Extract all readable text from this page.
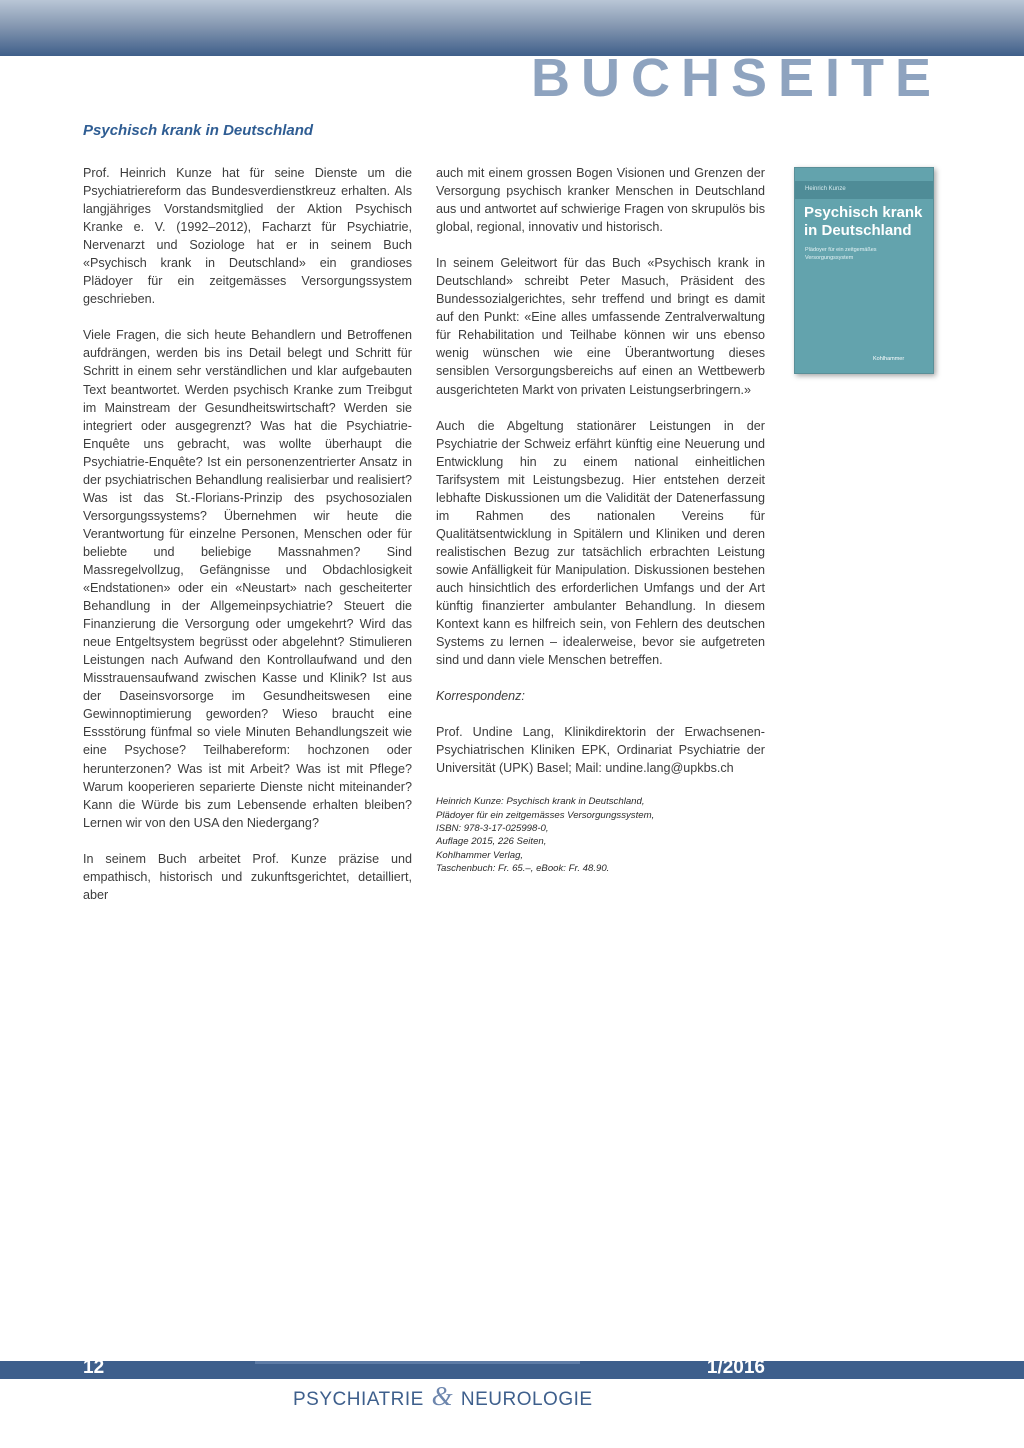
BUCHSEITE
Psychisch krank in Deutschland

Prof. Heinrich Kunze hat für seine Dienste um die Psychiatriereform das Bundesverdienstkreuz erhalten. Als langjähriges Vorstandsmitglied der Aktion Psychisch Kranke e. V. (1992–2012), Facharzt für Psychiatrie, Nervenarzt und Soziologe hat er in seinem Buch «Psychisch krank in Deutschland» ein grandioses Plädoyer für ein zeitgemässes Versorgungssystem geschrieben.

Viele Fragen, die sich heute Behandlern und Betroffenen aufdrängen, werden bis ins Detail belegt und Schritt für Schritt in einem sehr verständlichen und klar aufgebauten Text beantwortet. Werden psychisch Kranke zum Treibgut im Mainstream der Gesundheitswirtschaft? Werden sie integriert oder ausgegrenzt? Was hat die Psychiatrie-Enquête uns gebracht, was wollte überhaupt die Psychiatrie-Enquête? Ist ein personenzentrierter Ansatz in der psychiatrischen Behandlung realisierbar und realisiert? Was ist das St.-Florians-Prinzip des psychosozialen Versorgungssystems? Übernehmen wir heute die Verantwortung für einzelne Personen, Menschen oder für beliebte und beliebige Massnahmen? Sind Massregelvollzug, Gefängnisse und Obdachlosigkeit «Endstationen» oder ein «Neustart» nach gescheiterter Behandlung in der Allgemeinpsychiatrie? Steuert die Finanzierung die Versorgung oder umgekehrt? Wird das neue Entgeltsystem begrüsst oder abgelehnt? Stimulieren Leistungen nach Aufwand den Kontrollaufwand und den Misstrauensaufwand zwischen Kasse und Klinik? Ist aus der Daseinsvorsorge im Gesundheitswesen eine Gewinnoptimierung geworden? Wieso braucht eine Essstörung fünfmal so viele Minuten Behandlungszeit wie eine Psychose? Teilhabereform: hochzonen oder herunterzonen? Was ist mit Arbeit? Was ist mit Pflege? Warum kooperieren separierte Dienste nicht miteinander? Kann die Würde bis zum Lebensende erhalten bleiben? Lernen wir von den USA den Niedergang?

In seinem Buch arbeitet Prof. Kunze präzise und empathisch, historisch und zukunftsgerichtet, detailliert, aber

auch mit einem grossen Bogen Visionen und Grenzen der Versorgung psychisch kranker Menschen in Deutschland aus und antwortet auf schwierige Fragen von skrupulös bis global, regional, innovativ und historisch.

In seinem Geleitwort für das Buch «Psychisch krank in Deutschland» schreibt Peter Masuch, Präsident des Bundessozialgerichtes, sehr treffend und bringt es damit auf den Punkt: «Eine alles umfassende Zentralverwaltung für Rehabilitation und Teilhabe können wir uns ebenso wenig wünschen wie eine Überantwortung dieses sensiblen Versorgungsbereichs auf einen an Wettbewerb ausgerichteten Markt von privaten Leistungserbringern.»

Auch die Abgeltung stationärer Leistungen in der Psychiatrie der Schweiz erfährt künftig eine Neuerung und Entwicklung hin zu einem national einheitlichen Tarifsystem mit Leistungsbezug. Hier entstehen derzeit lebhafte Diskussionen um die Validität der Datenerfassung im Rahmen des nationalen Vereins für Qualitätsentwicklung in Spitälern und Kliniken und deren realistischen Bezug zur tatsächlich erbrachten Leistung sowie Anfälligkeit für Manipulation. Diskussionen bestehen auch hinsichtlich des erforderlichen Umfangs und der Art künftig finanzierter ambulanter Behandlung. In diesem Kontext kann es hilfreich sein, von Fehlern des deutschen Systems zu lernen – idealerweise, bevor sie aufgetreten sind und dann viele Menschen betreffen.

Korrespondenz:

Prof. Undine Lang, Klinikdirektorin der Erwachsenen-Psychiatrischen Kliniken EPK, Ordinariat Psychiatrie der Universität (UPK) Basel; Mail: undine.lang@upkbs.ch

Heinrich Kunze: Psychisch krank in Deutschland,
Plädoyer für ein zeitgemässes Versorgungssystem,
ISBN: 978-3-17-025998-0,
Auflage 2015, 226 Seiten,
Kohlhammer Verlag,
Taschenbuch: Fr. 65.–, eBook: Fr. 48.90.
Heinrich Kunze
Psychisch krank in Deutschland
Plädoyer für ein zeitgemäßes Versorgungssystem
Kohlhammer
12	1/2016
PSYCHIATRIE & NEUROLOGIE
